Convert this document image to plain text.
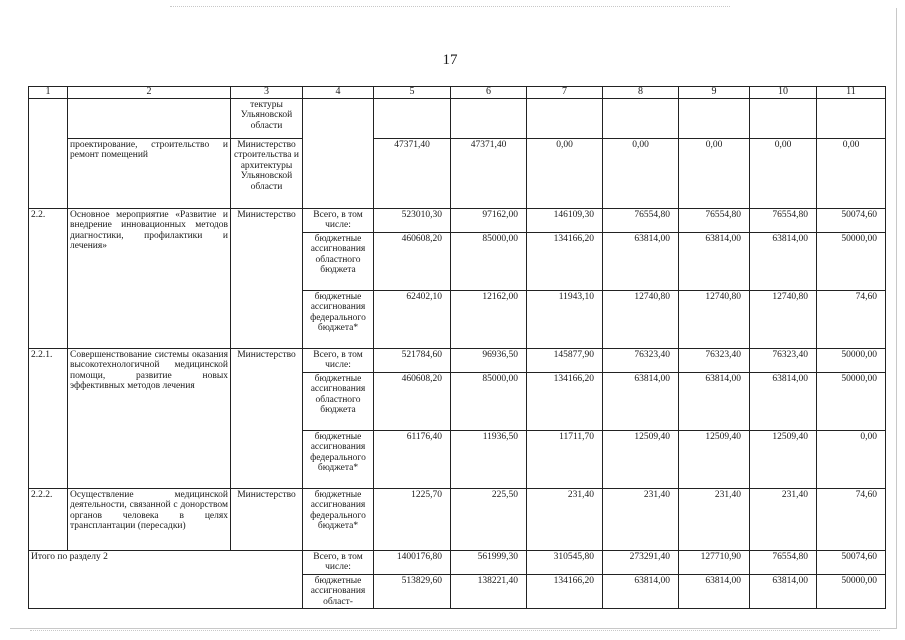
17
1	2	3	4	5	6	7	8	9	10	11
		тектуры Ульяновской области								
	проектирование, строительство и ремонт помещений	Министерство строительства и архитектуры Ульяновской области		47371,40	47371,40	0,00	0,00	0,00	0,00	0,00
2.2.	Основное мероприятие «Развитие и внедрение инновационных методов диагностики, профилактики и лечения»	Министерство	Всего, в том числе:	523010,30	97162,00	146109,30	76554,80	76554,80	76554,80	50074,60
			бюджетные ассигнования областного бюджета	460608,20	85000,00	134166,20	63814,00	63814,00	63814,00	50000,00
			бюджетные ассигнования федерального бюджета*	62402,10	12162,00	11943,10	12740,80	12740,80	12740,80	74,60
2.2.1.	Совершенствование системы оказания высокотехнологичной медицинской помощи, развитие новых эффективных методов лечения	Министерство	Всего, в том числе:	521784,60	96936,50	145877,90	76323,40	76323,40	76323,40	50000,00
			бюджетные ассигнования областного бюджета	460608,20	85000,00	134166,20	63814,00	63814,00	63814,00	50000,00
			бюджетные ассигнования федерального бюджета*	61176,40	11936,50	11711,70	12509,40	12509,40	12509,40	0,00
2.2.2.	Осуществление медицинской деятельности, связанной с донорством органов человека в целях трансплантации (пересадки)	Министерство	бюджетные ассигнования федерального бюджета*	1225,70	225,50	231,40	231,40	231,40	231,40	74,60
Итого по разделу 2			Всего, в том числе:	1400176,80	561999,30	310545,80	273291,40	127710,90	76554,80	50074,60
			бюджетные ассигнования област-	513829,60	138221,40	134166,20	63814,00	63814,00	63814,00	50000,00
